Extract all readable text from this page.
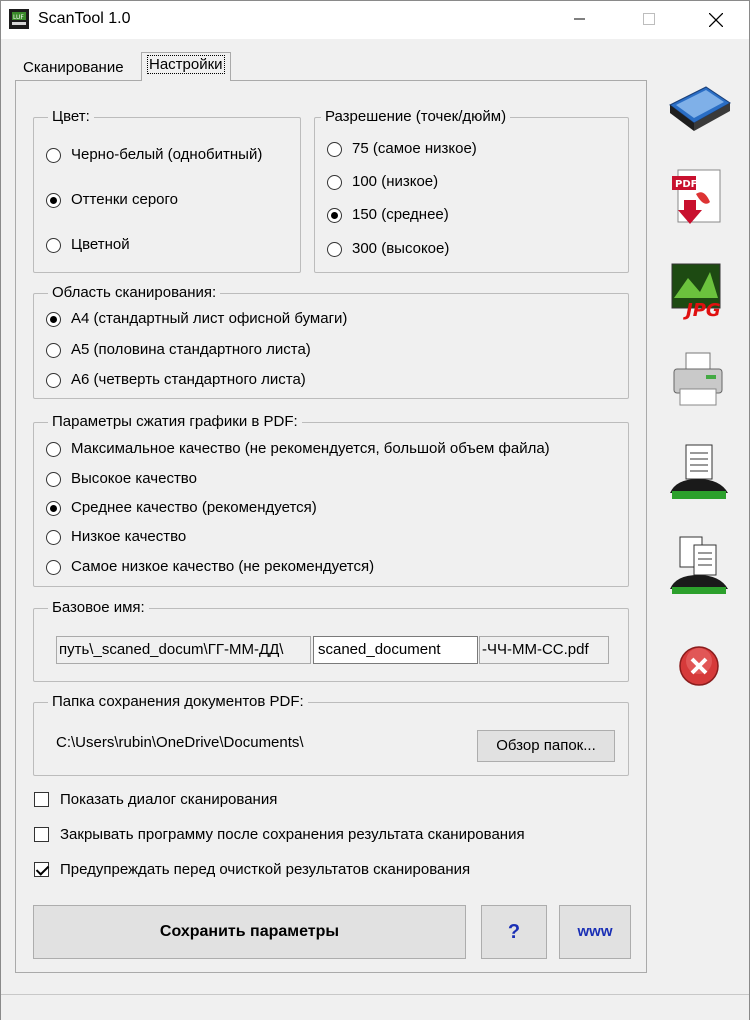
LUF ScanTool 1.0
Сканирование	Настройки
Цвет:
Черно-белый (однобитный)
Оттенки серого
Цветной
Разрешение (точек/дюйм)
75 (самое низкое)
100 (низкое)
150 (среднее)
300 (высокое)
Область сканирования:
А4 (стандартный лист офисной бумаги)
А5 (половина стандартного листа)
А6 (четверть стандартного листа)
Параметры сжатия графики в PDF:
Максимальное качество (не рекомендуется, большой объем файла)
Высокое качество
Среднее качество (рекомендуется)
Низкое качество
Самое низкое качество (не рекомендуется)
Базовое имя:
путь\_scaned_docum\ГГ-ММ-ДД\	scaned_document	-ЧЧ-ММ-СС.pdf
Папка сохранения документов PDF:
C:\Users\rubin\OneDrive\Documents\	Обзор папок...
Показать диалог сканирования
Закрывать программу после сохранения результата сканирования
Предупреждать перед очисткой результатов сканирования
Сохранить параметры	?	www
PDF
JPG
